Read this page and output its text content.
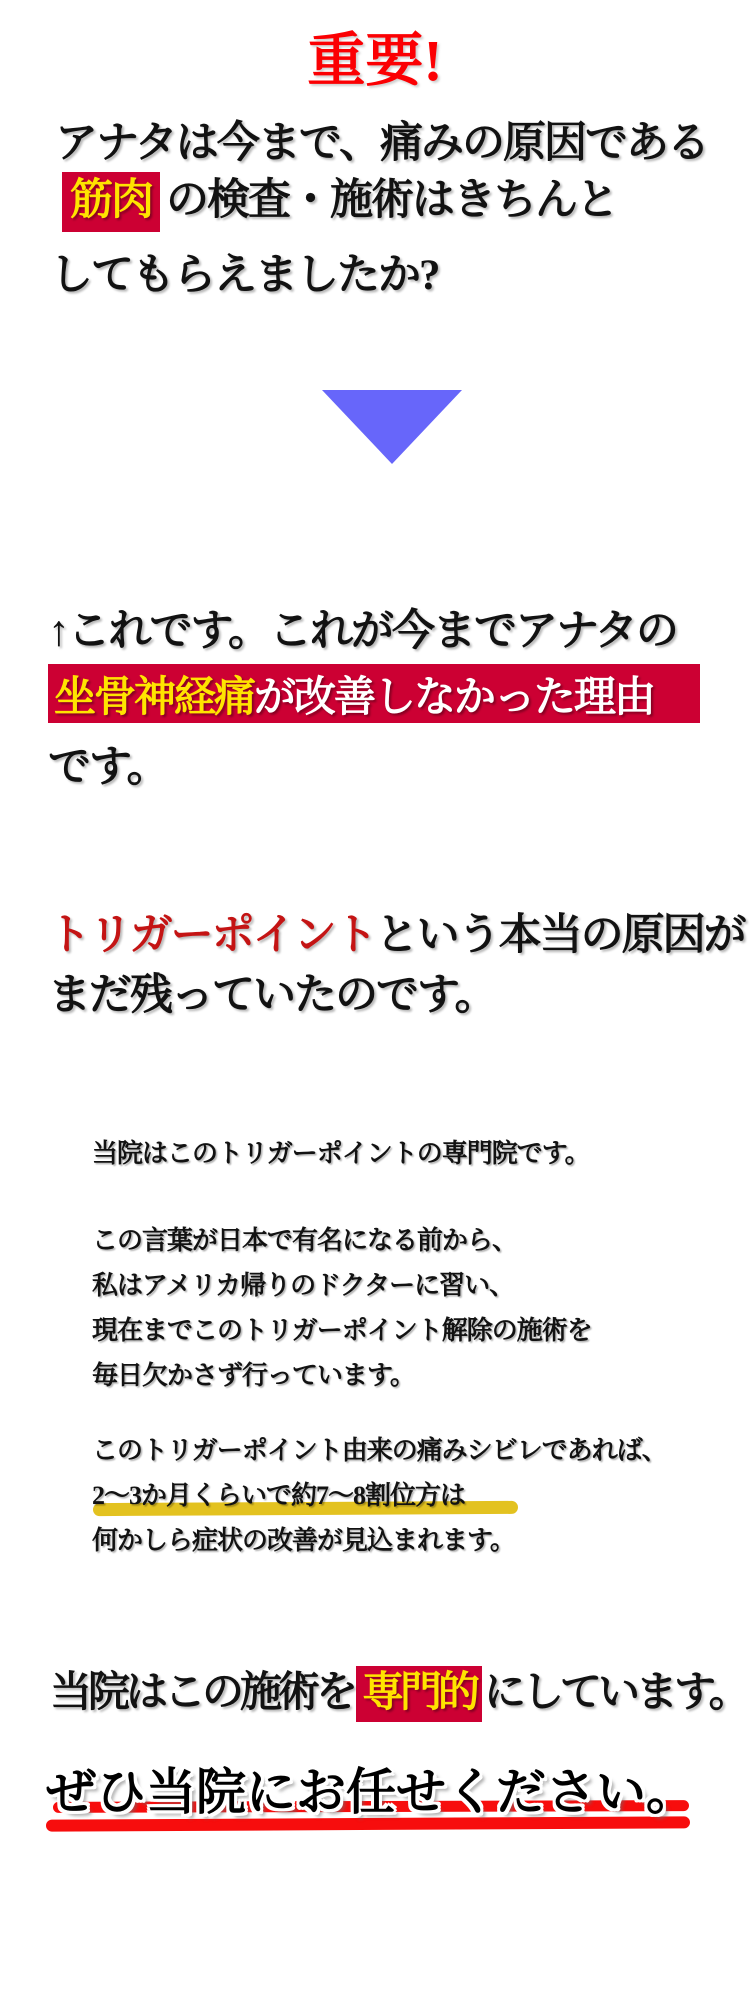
重要!
アナタは今まで、痛みの原因である
筋肉 の検査・施術はきちんと
してもらえましたか?
↑これです。これが今までアナタの
坐骨神経痛 が改善しなかった理由
です。
トリガーポイントという本当の原因が
まだ残っていたのです。
当院はこのトリガーポイントの専門院です。
この言葉が日本で有名になる前から、
私はアメリカ帰りのドクターに習い、
現在までこのトリガーポイント解除の施術を
毎日欠かさず行っています。
このトリガーポイント由来の痛みシビレであれば、
2〜3か月くらいで約7〜8割位方は
何かしら症状の改善が見込まれます。
当院はこの施術を 専門的 にしています。
ぜひ当院にお任せください。
